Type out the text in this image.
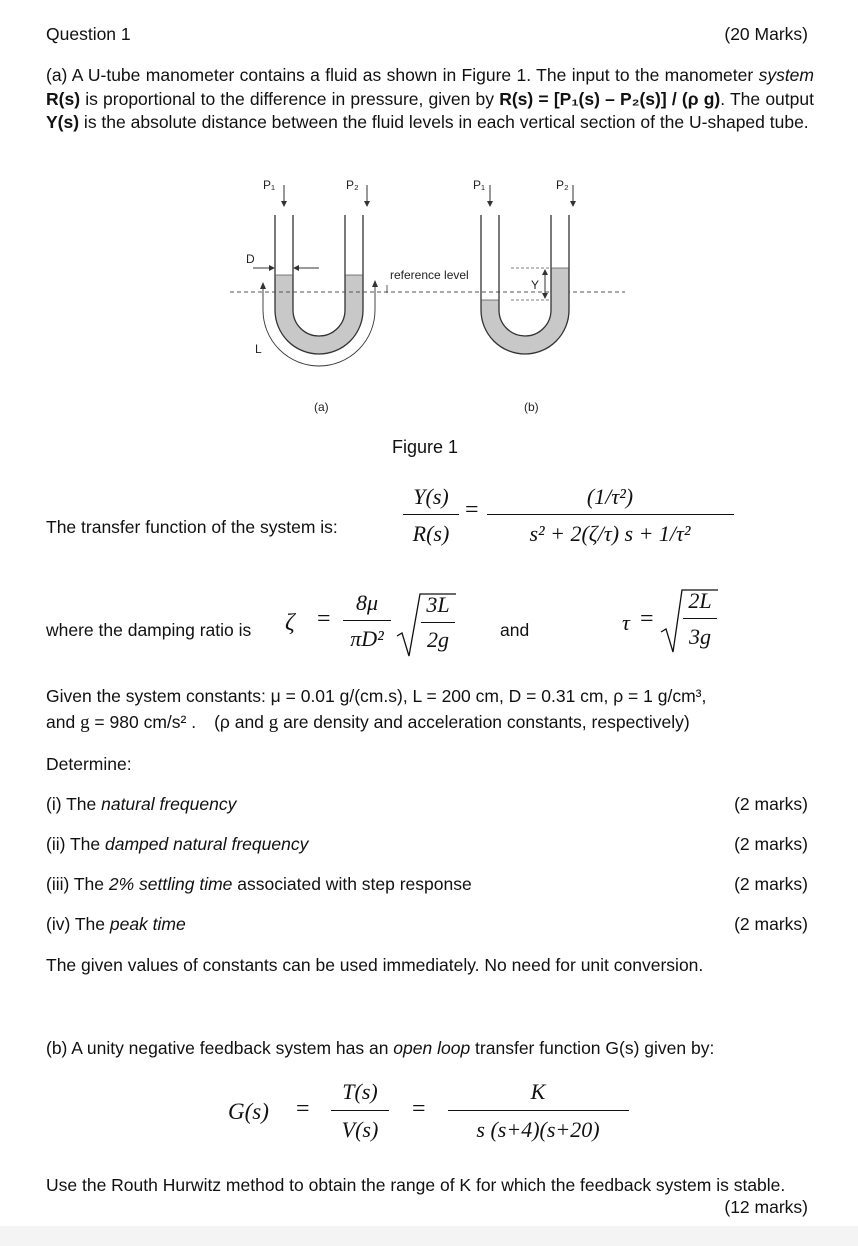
Question 1	(20 Marks)
(a) A U-tube manometer contains a fluid as shown in Figure 1. The input to the manometer system R(s) is proportional to the difference in pressure, given by R(s) = [P₁(s) – P₂(s)] / (ρ g). The output Y(s) is the absolute distance between the fluid levels in each vertical section of the U-shaped tube.
P₁	P₂	P₁	P₂
D
L
Y
reference level
(a)	(b)
Figure 1
The transfer function of the system is:
Y(s)
R(s)
=
(1/τ²)
s² + 2(ζ/τ) s + 1/τ²
where the damping ratio is ζ =
8μ
πD²
3L
2g	and	τ =
2L
3g
Given the system constants: μ = 0.01 g/(cm.s), L = 200 cm, D = 0.31 cm, ρ = 1 g/cm³,
and g = 980 cm/s² . (ρ and g are density and acceleration constants, respectively)
Determine:
(i) The natural frequency	(2 marks)
(ii) The damped natural frequency	(2 marks)
(iii) The 2% settling time associated with step response	(2 marks)
(iv) The peak time	(2 marks)
The given values of constants can be used immediately. No need for unit conversion.
(b) A unity negative feedback system has an open loop transfer function G(s) given by:
G(s) =
T(s)
V(s)
=
K
s (s+4)(s+20)
Use the Routh Hurwitz method to obtain the range of K for which the feedback system is stable.
(12 marks)
